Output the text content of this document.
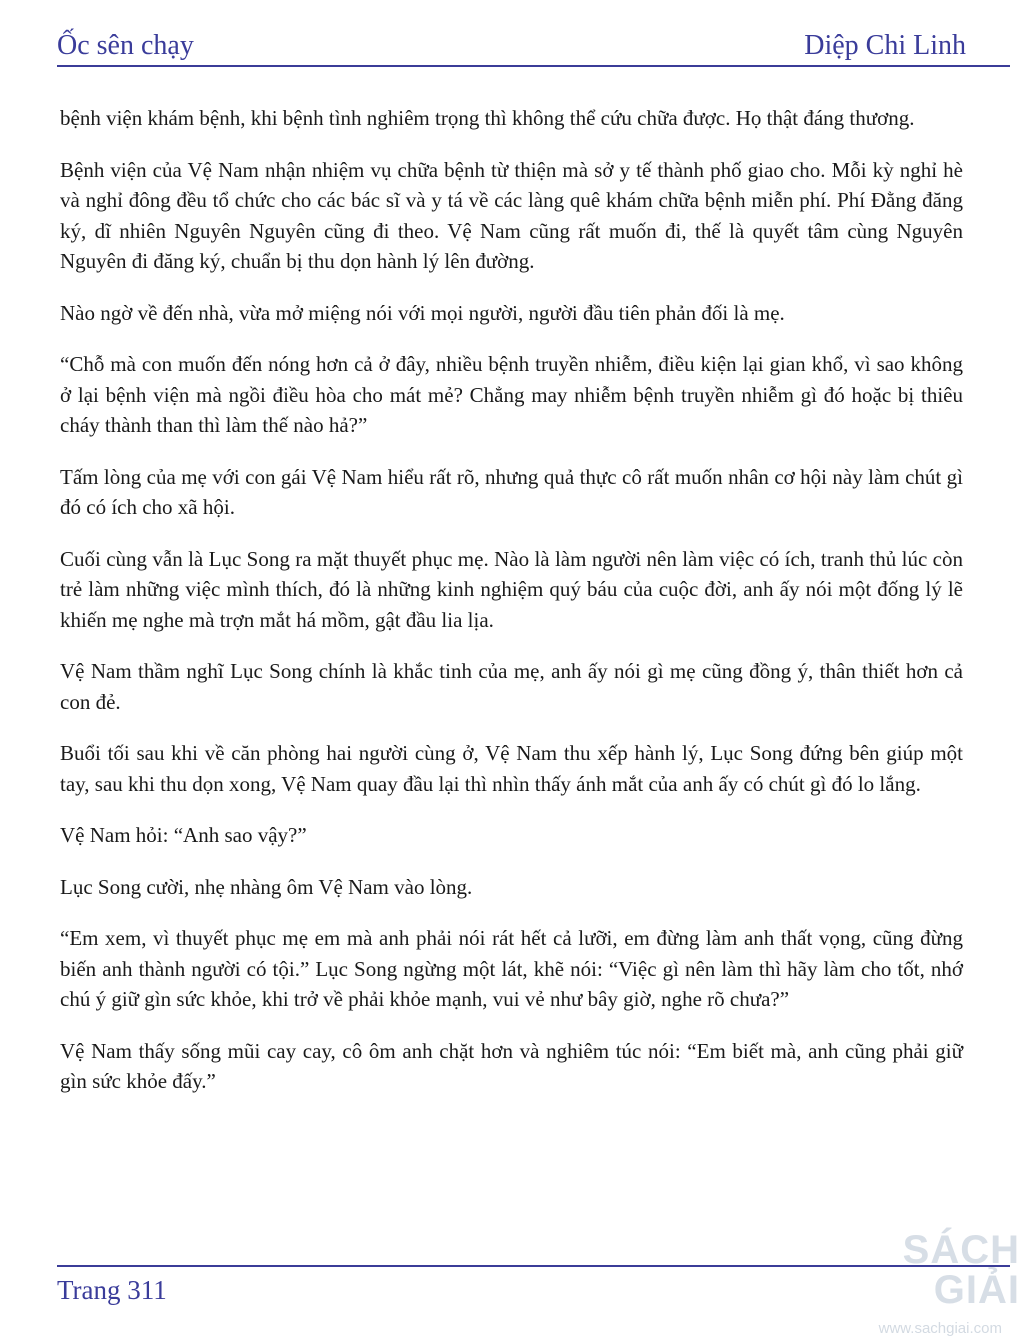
Ốc sên chạy	Diệp Chi Linh

bệnh viện khám bệnh, khi bệnh tình nghiêm trọng thì không thể cứu chữa được. Họ thật đáng thương.

Bệnh viện của Vệ Nam nhận nhiệm vụ chữa bệnh từ thiện mà sở y tế thành phố giao cho. Mỗi kỳ nghỉ hè và nghỉ đông đều tổ chức cho các bác sĩ và y tá về các làng quê khám chữa bệnh miễn phí. Phí Đằng đăng ký, dĩ nhiên Nguyên Nguyên cũng đi theo. Vệ Nam cũng rất muốn đi, thế là quyết tâm cùng Nguyên Nguyên đi đăng ký, chuẩn bị thu dọn hành lý lên đường.

Nào ngờ về đến nhà, vừa mở miệng nói với mọi người, người đầu tiên phản đối là mẹ.

“Chỗ mà con muốn đến nóng hơn cả ở đây, nhiều bệnh truyền nhiễm, điều kiện lại gian khổ, vì sao không ở lại bệnh viện mà ngồi điều hòa cho mát mẻ? Chẳng may nhiễm bệnh truyền nhiễm gì đó hoặc bị thiêu cháy thành than thì làm thế nào hả?”

Tấm lòng của mẹ với con gái Vệ Nam hiểu rất rõ, nhưng quả thực cô rất muốn nhân cơ hội này làm chút gì đó có ích cho xã hội.

Cuối cùng vẫn là Lục Song ra mặt thuyết phục mẹ. Nào là làm người nên làm việc có ích, tranh thủ lúc còn trẻ làm những việc mình thích, đó là những kinh nghiệm quý báu của cuộc đời, anh ấy nói một đống lý lẽ khiến mẹ nghe mà trợn mắt há mồm, gật đầu lia lịa.

Vệ Nam thầm nghĩ Lục Song chính là khắc tinh của mẹ, anh ấy nói gì mẹ cũng đồng ý, thân thiết hơn cả con đẻ.

Buổi tối sau khi về căn phòng hai người cùng ở, Vệ Nam thu xếp hành lý, Lục Song đứng bên giúp một tay, sau khi thu dọn xong, Vệ Nam quay đầu lại thì nhìn thấy ánh mắt của anh ấy có chút gì đó lo lắng.

Vệ Nam hỏi: “Anh sao vậy?”

Lục Song cười, nhẹ nhàng ôm Vệ Nam vào lòng.

“Em xem, vì thuyết phục mẹ em mà anh phải nói rát hết cả lưỡi, em đừng làm anh thất vọng, cũng đừng biến anh thành người có tội.” Lục Song ngừng một lát, khẽ nói: “Việc gì nên làm thì hãy làm cho tốt, nhớ chú ý giữ gìn sức khỏe, khi trở về phải khỏe mạnh, vui vẻ như bây giờ, nghe rõ chưa?”

Vệ Nam thấy sống mũi cay cay, cô ôm anh chặt hơn và nghiêm túc nói: “Em biết mà, anh cũng phải giữ gìn sức khỏe đấy.”

Trang 311
SÁCH GIẢI
www.sachgiai.com
